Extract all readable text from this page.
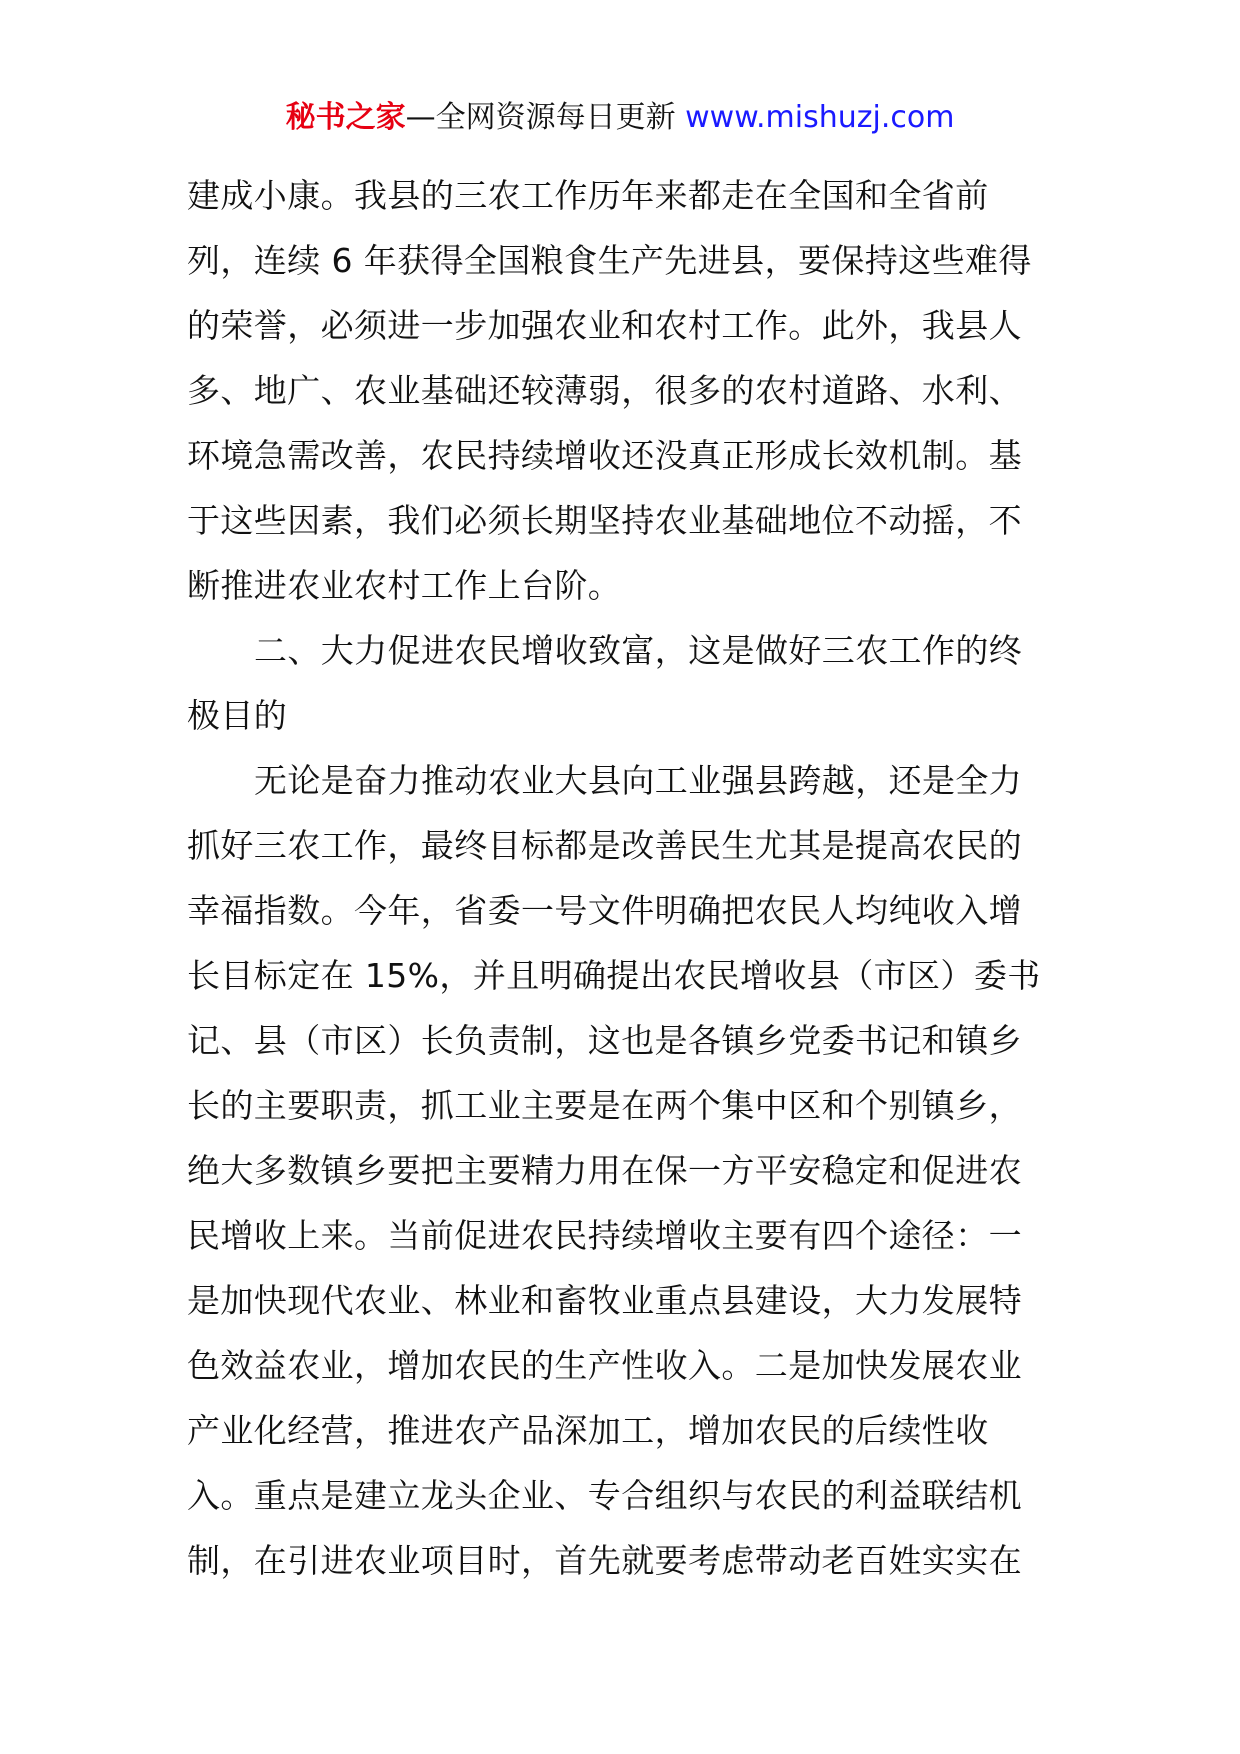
秘书之家—全网资源每日更新 www.mishuzj.com
建成小康。我县的三农工作历年来都走在全国和全省前
列，连续 6 年获得全国粮食生产先进县，要保持这些难得
的荣誉，必须进一步加强农业和农村工作。此外，我县人
多、地广、农业基础还较薄弱，很多的农村道路、水利、
环境急需改善，农民持续增收还没真正形成长效机制。基
于这些因素，我们必须长期坚持农业基础地位不动摇，不
断推进农业农村工作上台阶。
二、大力促进农民增收致富，这是做好三农工作的终
极目的
无论是奋力推动农业大县向工业强县跨越，还是全力
抓好三农工作，最终目标都是改善民生尤其是提高农民的
幸福指数。今年，省委一号文件明确把农民人均纯收入增
长目标定在 15%，并且明确提出农民增收县（市区）委书
记、县（市区）长负责制，这也是各镇乡党委书记和镇乡
长的主要职责，抓工业主要是在两个集中区和个别镇乡，
绝大多数镇乡要把主要精力用在保一方平安稳定和促进农
民增收上来。当前促进农民持续增收主要有四个途径：一
是加快现代农业、林业和畜牧业重点县建设，大力发展特
色效益农业，增加农民的生产性收入。二是加快发展农业
产业化经营，推进农产品深加工，增加农民的后续性收
入。重点是建立龙头企业、专合组织与农民的利益联结机
制，在引进农业项目时，首先就要考虑带动老百姓实实在
